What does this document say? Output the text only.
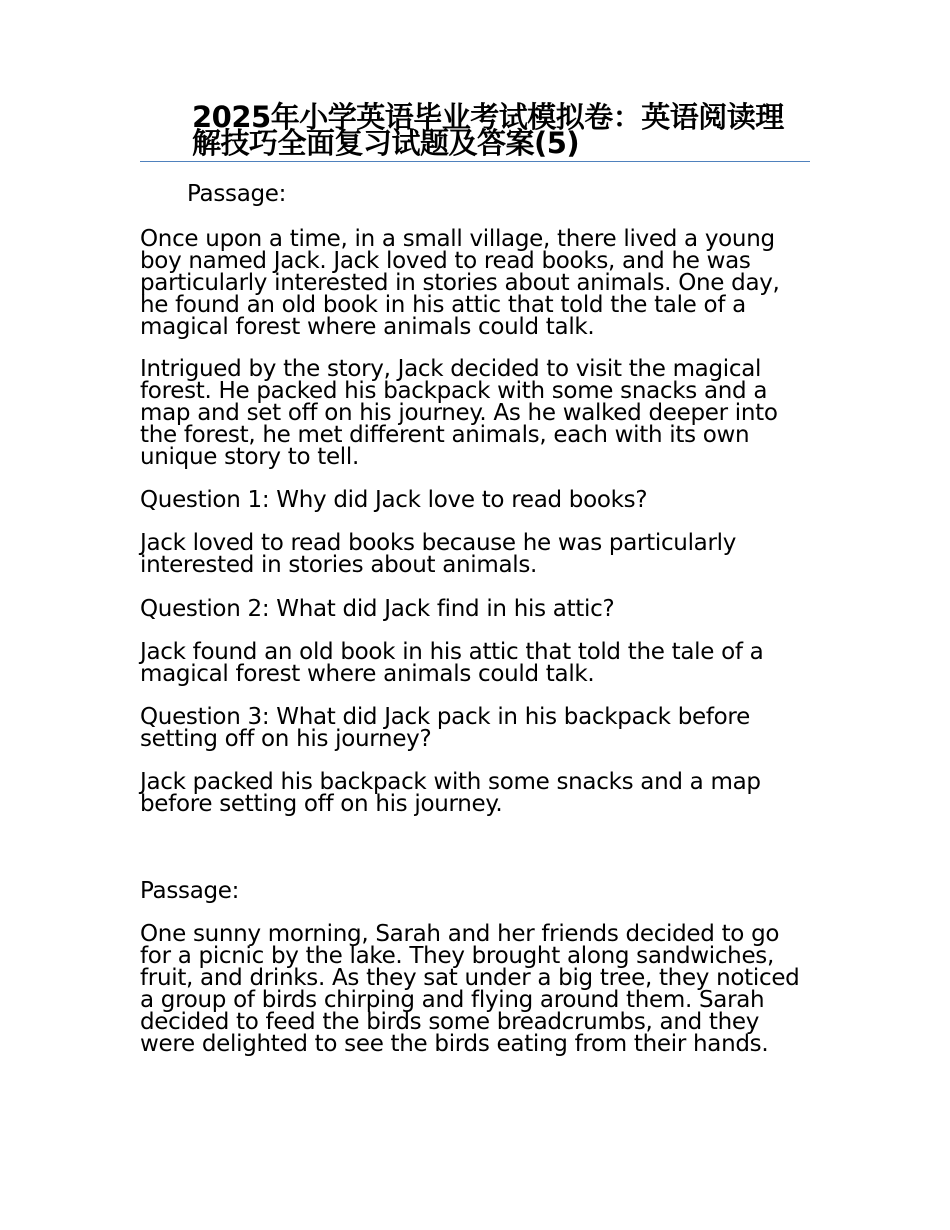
2025年小学英语毕业考试模拟卷：英语阅读理解技巧全面复习试题及答案(5)

Passage:

Once upon a time, in a small village, there lived a young boy named Jack. Jack loved to read books, and he was particularly interested in stories about animals. One day, he found an old book in his attic that told the tale of a magical forest where animals could talk.

Intrigued by the story, Jack decided to visit the magical forest. He packed his backpack with some snacks and a map and set off on his journey. As he walked deeper into the forest, he met different animals, each with its own unique story to tell.

Question 1: Why did Jack love to read books?

Jack loved to read books because he was particularly interested in stories about animals.

Question 2: What did Jack find in his attic?

Jack found an old book in his attic that told the tale of a magical forest where animals could talk.

Question 3: What did Jack pack in his backpack before setting off on his journey?

Jack packed his backpack with some snacks and a map before setting off on his journey.

Passage:

One sunny morning, Sarah and her friends decided to go for a picnic by the lake. They brought along sandwiches, fruit, and drinks. As they sat under a big tree, they noticed a group of birds chirping and flying around them. Sarah decided to feed the birds some breadcrumbs, and they were delighted to see the birds eating from their hands.
